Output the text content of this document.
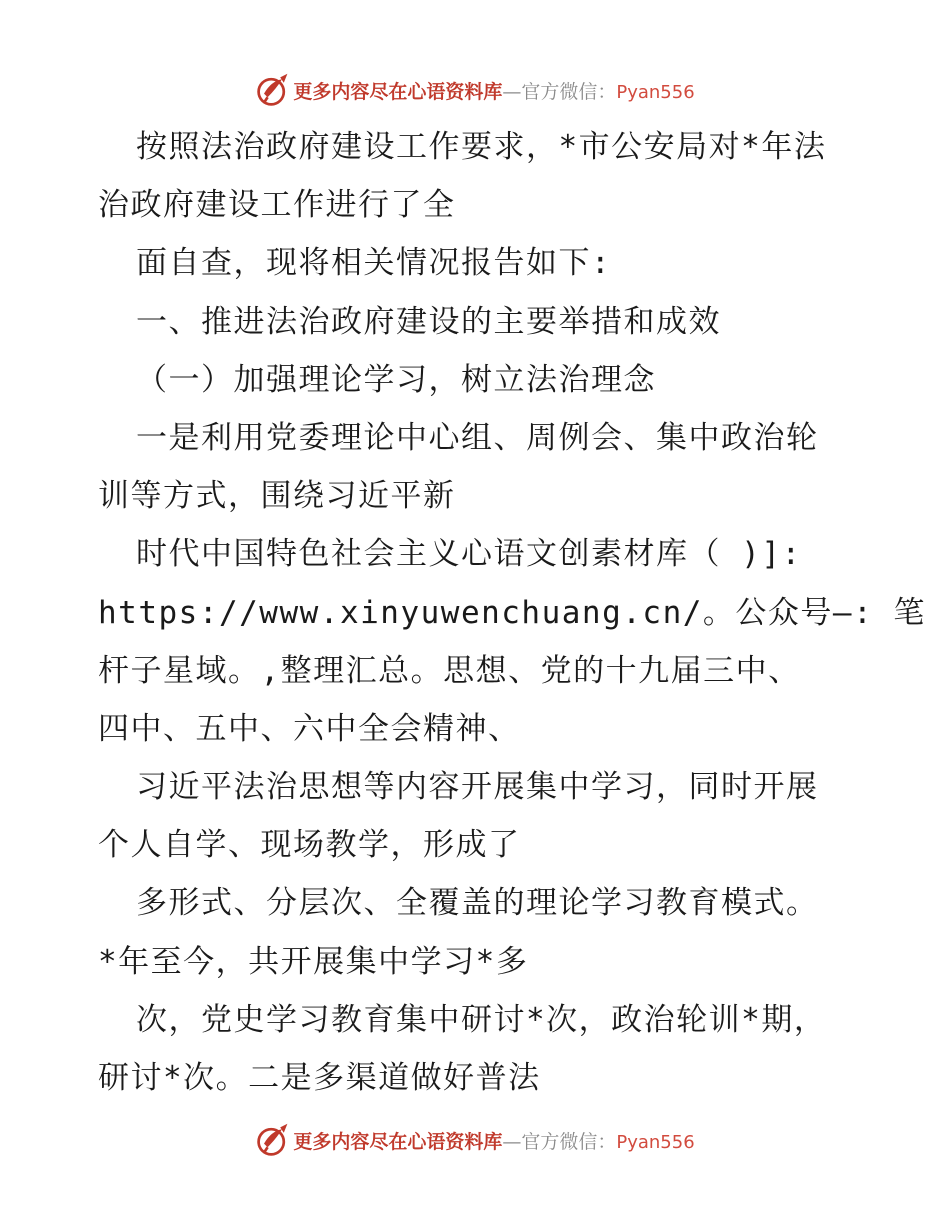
更多内容尽在心语资料库—官方微信：Pyan556
按照法治政府建设工作要求，*市公安局对*年法
治政府建设工作进行了全
面自查，现将相关情况报告如下:
一、推进法治政府建设的主要举措和成效
（一）加强理论学习，树立法治理念
一是利用党委理论中心组、周例会、集中政治轮
训等方式，围绕习近平新
时代中国特色社会主义心语文创素材库（ )]:
https://www.xinyuwenchuang.cn/。公众号—: 笔
杆子星域。,整理汇总。思想、党的十九届三中、
四中、五中、六中全会精神、
习近平法治思想等内容开展集中学习，同时开展
个人自学、现场教学，形成了
多形式、分层次、全覆盖的理论学习教育模式。
*年至今，共开展集中学习*多
次，党史学习教育集中研讨*次，政治轮训*期，
研讨*次。二是多渠道做好普法
更多内容尽在心语资料库—官方微信：Pyan556
